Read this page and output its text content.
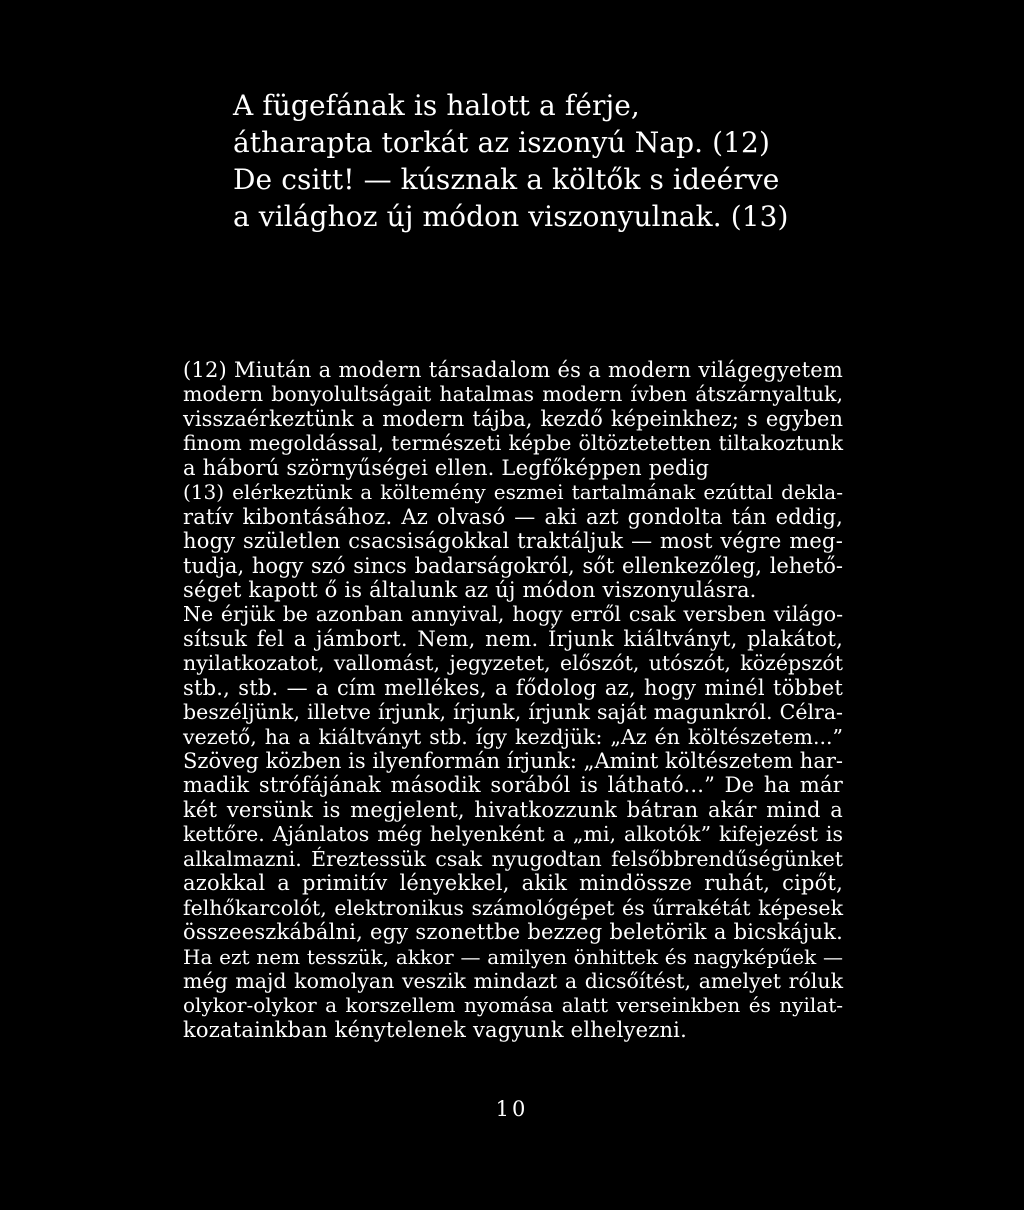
A fügefának is halott a férje,
átharapta torkát az iszonyú Nap. (12)
De csitt! — kúsznak a költők s ideérve
a világhoz új módon viszonyulnak. (13)
(12) Miután a modern társadalom és a modern világegyetem
modern bonyolultságait hatalmas modern ívben átszárnyaltuk,
visszaérkeztünk a modern tájba, kezdő képeinkhez; s egyben
finom megoldással, természeti képbe öltöztetetten tiltakoztunk
a háború szörnyűségei ellen. Legfőképpen pedig
(13) elérkeztünk a költemény eszmei tartalmának ezúttal dekla-
ratív kibontásához. Az olvasó — aki azt gondolta tán eddig,
hogy születlen csacsiságokkal traktáljuk — most végre meg-
tudja, hogy szó sincs badarságokról, sőt ellenkezőleg, lehető-
séget kapott ő is általunk az új módon viszonyulásra.
Ne érjük be azonban annyival, hogy erről csak versben világo-
sítsuk fel a jámbort. Nem, nem. Írjunk kiáltványt, plakátot,
nyilatkozatot, vallomást, jegyzetet, előszót, utószót, középszót
stb., stb. — a cím mellékes, a fődolog az, hogy minél többet
beszéljünk, illetve írjunk, írjunk, írjunk saját magunkról. Célra-
vezető, ha a kiáltványt stb. így kezdjük: „Az én költészetem...”
Szöveg közben is ilyenformán írjunk: „Amint költészetem har-
madik strófájának második sorából is látható...” De ha már
két versünk is megjelent, hivatkozzunk bátran akár mind a
kettőre. Ajánlatos még helyenként a „mi, alkotók” kifejezést is
alkalmazni. Éreztessük csak nyugodtan felsőbbrendűségünket
azokkal a primitív lényekkel, akik mindössze ruhát, cipőt,
felhőkarcolót, elektronikus számológépet és űrrakétát képesek
összeeszkábálni, egy szonettbe bezzeg beletörik a bicskájuk.
Ha ezt nem tesszük, akkor — amilyen önhittek és nagyképűek —
még majd komolyan veszik mindazt a dicsőítést, amelyet róluk
olykor-olykor a korszellem nyomása alatt verseinkben és nyilat-
kozatainkban kénytelenek vagyunk elhelyezni.
10
